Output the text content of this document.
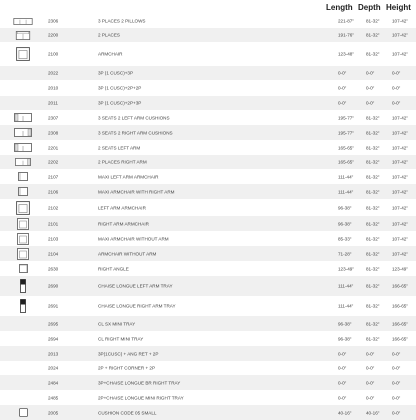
Length Depth Height
2306	3 PLACES 2 PILLOWS	221-87"	81-32"	107-42"
2200	2 PLACES	191-76"	81-32"	107-42"
2100	ARMCHAIR	123-48"	81-32"	107-42"
2022	3P (1 CUSC)+3P	0-0"	0-0"	0-0"
2010	3P (1 CUSC)+2P+2P	0-0"	0-0"	0-0"
2011	3P (1 CUSC)+2P+3P	0-0"	0-0"	0-0"
2307	3 SEATS 2 LEFT ARM CUSHIONS	195-77"	81-32"	107-42"
2308	3 SEATS 2 RIGHT ARM CUSHIONS	195-77"	81-32"	107-42"
2201	2 SEATS LEFT ARM	165-65"	81-32"	107-42"
2202	2 PLACES RIGHT ARM	165-65"	81-32"	107-42"
2107	MAXI LEFT ARM ARMCHAIR	111-44"	81-32"	107-42"
2106	MAXI ARMCHAIR WITH RIGHT ARM	111-44"	81-32"	107-42"
2102	LEFT ARM ARMCHAIR	96-38"	81-32"	107-42"
2101	RIGHT ARM ARMCHAIR	96-38"	81-32"	107-42"
2103	MAXI ARMCHAIR WITHOUT ARM	85-33"	81-32"	107-42"
2104	ARMCHAIR WITHOUT ARM	71-28"	81-32"	107-42"
2630	RIGHT ANGLE	123-49"	81-32"	123-49"
2690	CHAISE LONGUE LEFT ARM TRAY	111-44"	81-32"	166-65"
2691	CHAISE LONGUE RIGHT ARM TRAY	111-44"	81-32"	166-65"
2695	CL SX MINI TRAY	96-38"	81-32"	166-65"
2694	CL RIGHT MINI TRAY	96-38"	81-32"	166-65"
2013	3P(1CUSC) + ANG RET + 2P	0-0"	0-0"	0-0"
2024	2P + RIGHT CORNER + 2P	0-0"	0-0"	0-0"
2484	3P+CHAISE LONGUE BR RIGHT TRAY	0-0"	0-0"	0-0"
2485	2P+CHAISE LONGUE MINI RIGHT TRAY	0-0"	0-0"	0-0"
2005	CUSHION CODE 05 SMALL	40-16"	40-16"	0-0"
